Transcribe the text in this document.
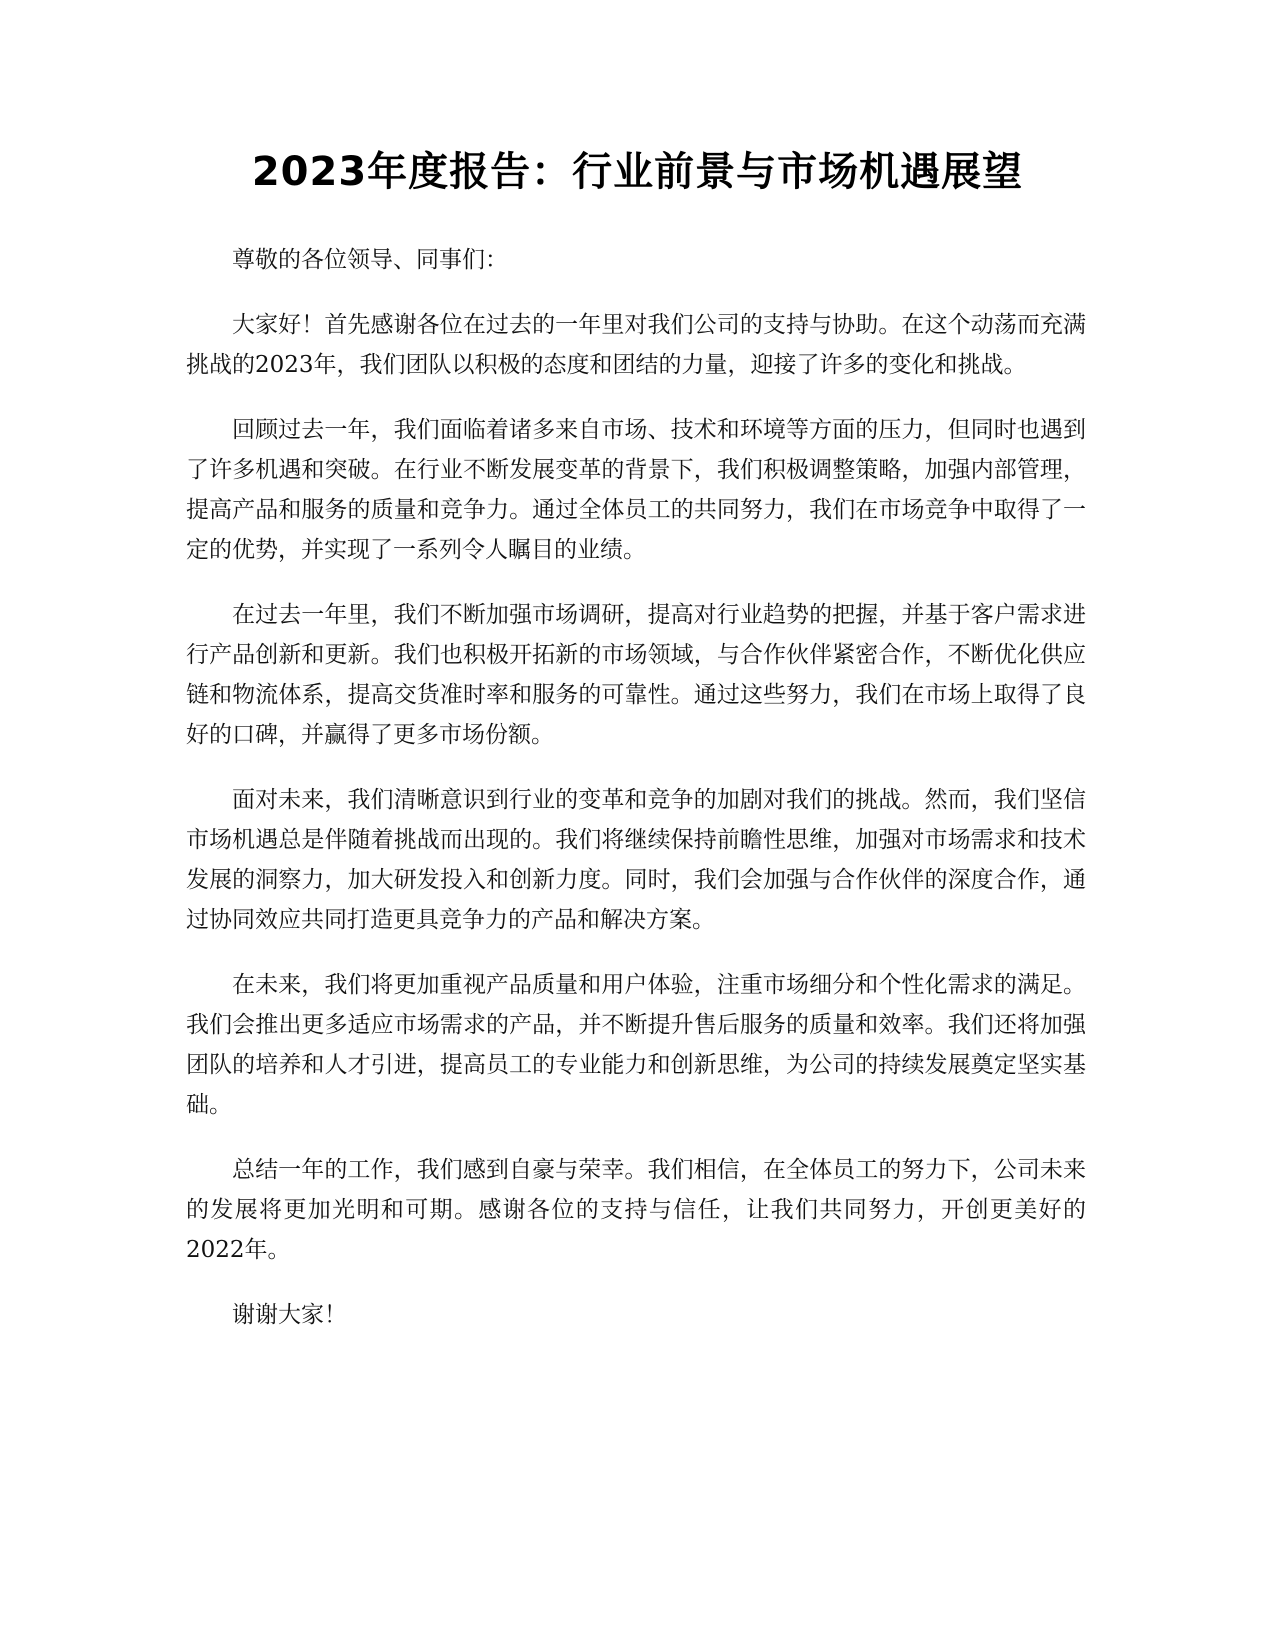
2023年度报告：行业前景与市场机遇展望

尊敬的各位领导、同事们：

大家好！首先感谢各位在过去的一年里对我们公司的支持与协助。在这个动荡而充满挑战的2023年，我们团队以积极的态度和团结的力量，迎接了许多的变化和挑战。

回顾过去一年，我们面临着诸多来自市场、技术和环境等方面的压力，但同时也遇到了许多机遇和突破。在行业不断发展变革的背景下，我们积极调整策略，加强内部管理，提高产品和服务的质量和竞争力。通过全体员工的共同努力，我们在市场竞争中取得了一定的优势，并实现了一系列令人瞩目的业绩。

在过去一年里，我们不断加强市场调研，提高对行业趋势的把握，并基于客户需求进行产品创新和更新。我们也积极开拓新的市场领域，与合作伙伴紧密合作，不断优化供应链和物流体系，提高交货准时率和服务的可靠性。通过这些努力，我们在市场上取得了良好的口碑，并赢得了更多市场份额。

面对未来，我们清晰意识到行业的变革和竞争的加剧对我们的挑战。然而，我们坚信市场机遇总是伴随着挑战而出现的。我们将继续保持前瞻性思维，加强对市场需求和技术发展的洞察力，加大研发投入和创新力度。同时，我们会加强与合作伙伴的深度合作，通过协同效应共同打造更具竞争力的产品和解决方案。

在未来，我们将更加重视产品质量和用户体验，注重市场细分和个性化需求的满足。我们会推出更多适应市场需求的产品，并不断提升售后服务的质量和效率。我们还将加强团队的培养和人才引进，提高员工的专业能力和创新思维，为公司的持续发展奠定坚实基础。

总结一年的工作，我们感到自豪与荣幸。我们相信，在全体员工的努力下，公司未来的发展将更加光明和可期。感谢各位的支持与信任，让我们共同努力，开创更美好的2022年。

谢谢大家！
